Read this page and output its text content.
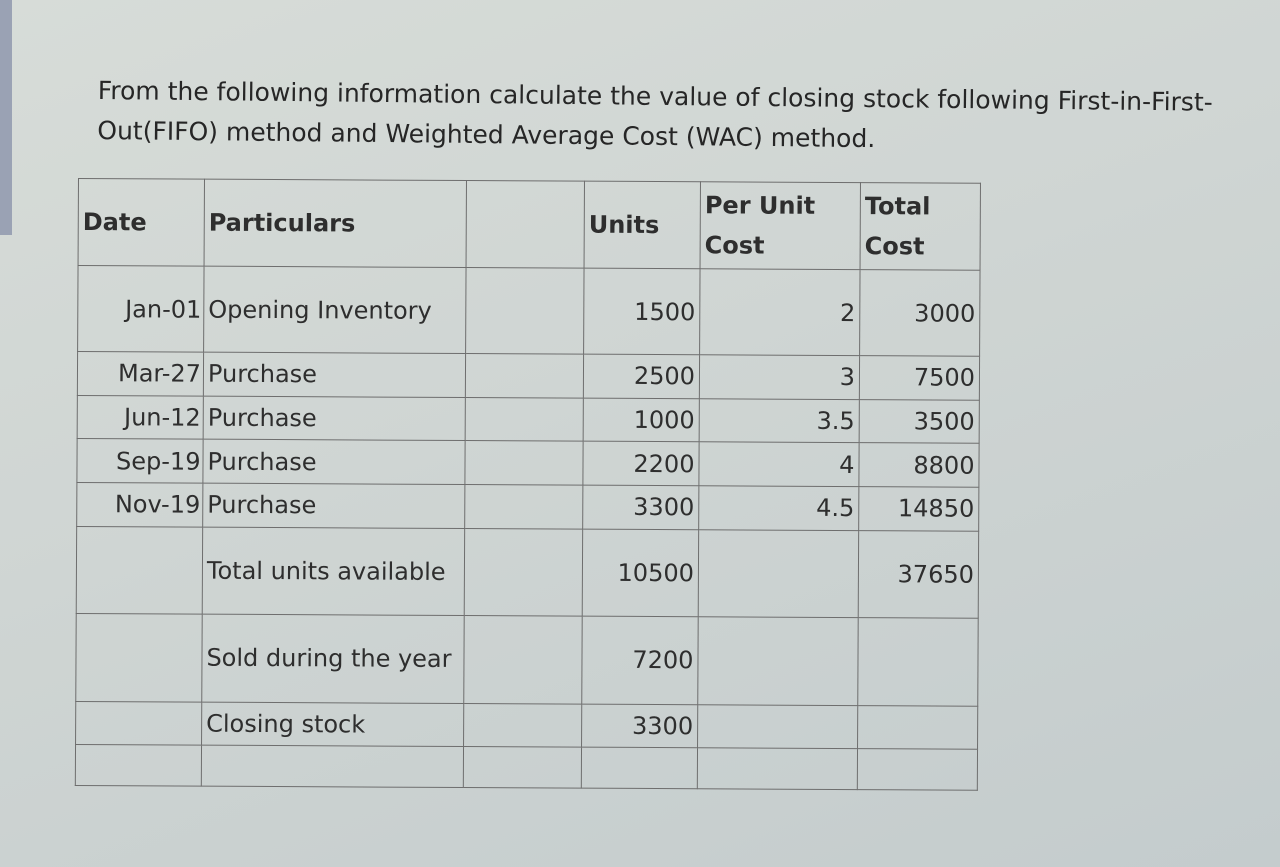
From the following information calculate the value of closing stock following First-in-First-Out(FIFO) method and Weighted Average Cost (WAC) method.

Date	Particulars		Units	Per Unit Cost	Total Cost
Jan-01	Opening Inventory		1500	2	3000
Mar-27	Purchase		2500	3	7500
Jun-12	Purchase		1000	3.5	3500
Sep-19	Purchase		2200	4	8800
Nov-19	Purchase		3300	4.5	14850
	Total units available		10500		37650
	Sold during the year		7200		
	Closing stock		3300		
